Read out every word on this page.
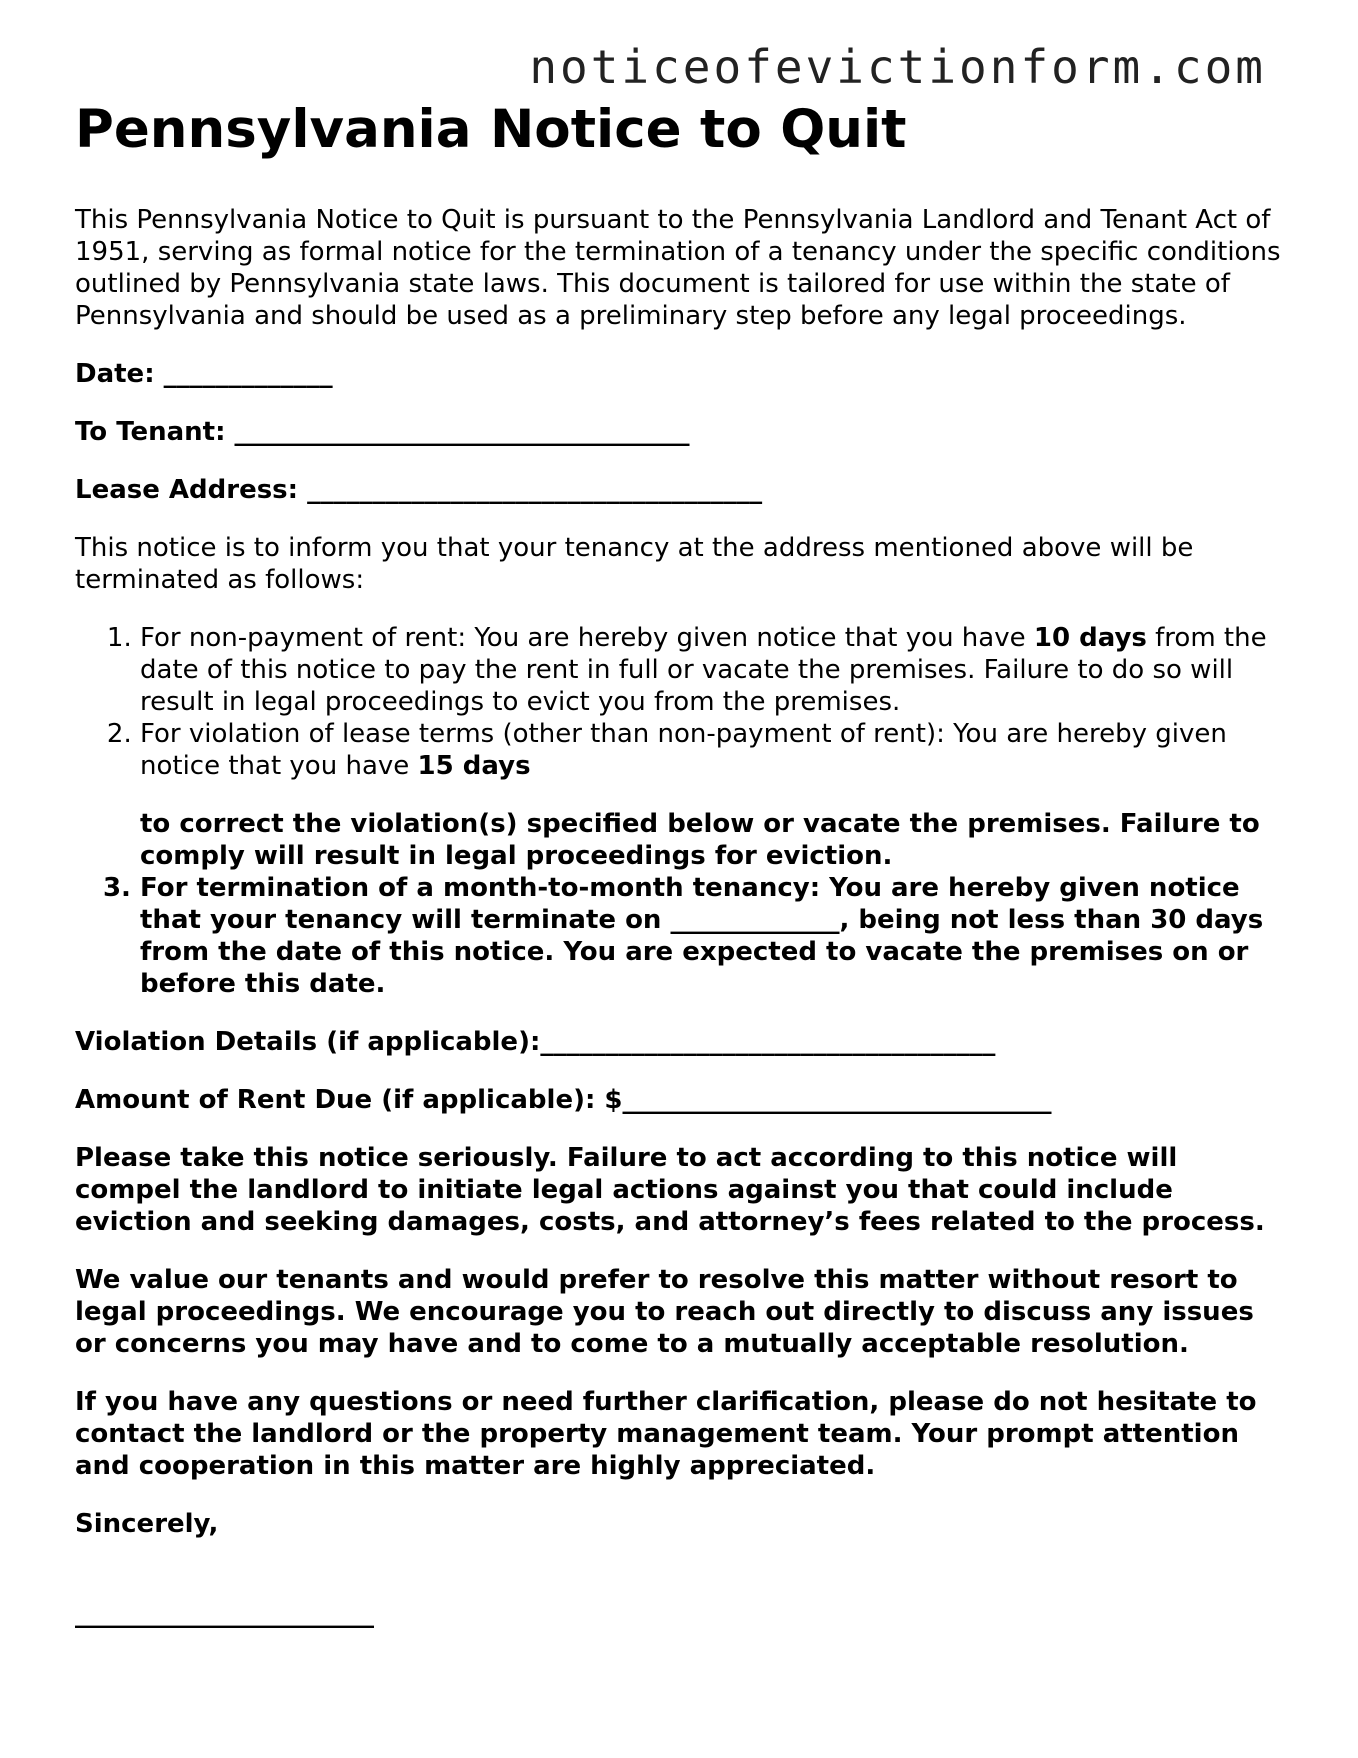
noticeofevictionform.com
Pennsylvania Notice to Quit

This Pennsylvania Notice to Quit is pursuant to the Pennsylvania Landlord and Tenant Act of 1951, serving as formal notice for the termination of a tenancy under the specific conditions outlined by Pennsylvania state laws. This document is tailored for use within the state of Pennsylvania and should be used as a preliminary step before any legal proceedings.

Date: _____________

To Tenant: ___________________________________

Lease Address: ___________________________________

This notice is to inform you that your tenancy at the address mentioned above will be terminated as follows:

1. For non-payment of rent: You are hereby given notice that you have 10 days from the date of this notice to pay the rent in full or vacate the premises. Failure to do so will result in legal proceedings to evict you from the premises.
2. For violation of lease terms (other than non-payment of rent): You are hereby given notice that you have 15 days
to correct the violation(s) specified below or vacate the premises. Failure to comply will result in legal proceedings for eviction.
3. For termination of a month-to-month tenancy: You are hereby given notice that your tenancy will terminate on _____________, being not less than 30 days from the date of this notice. You are expected to vacate the premises on or before this date.

Violation Details (if applicable):___________________________________

Amount of Rent Due (if applicable): $_________________________________

Please take this notice seriously. Failure to act according to this notice will compel the landlord to initiate legal actions against you that could include eviction and seeking damages, costs, and attorney’s fees related to the process.

We value our tenants and would prefer to resolve this matter without resort to legal proceedings. We encourage you to reach out directly to discuss any issues or concerns you may have and to come to a mutually acceptable resolution.

If you have any questions or need further clarification, please do not hesitate to contact the landlord or the property management team. Your prompt attention and cooperation in this matter are highly appreciated.

Sincerely,

_______________________
